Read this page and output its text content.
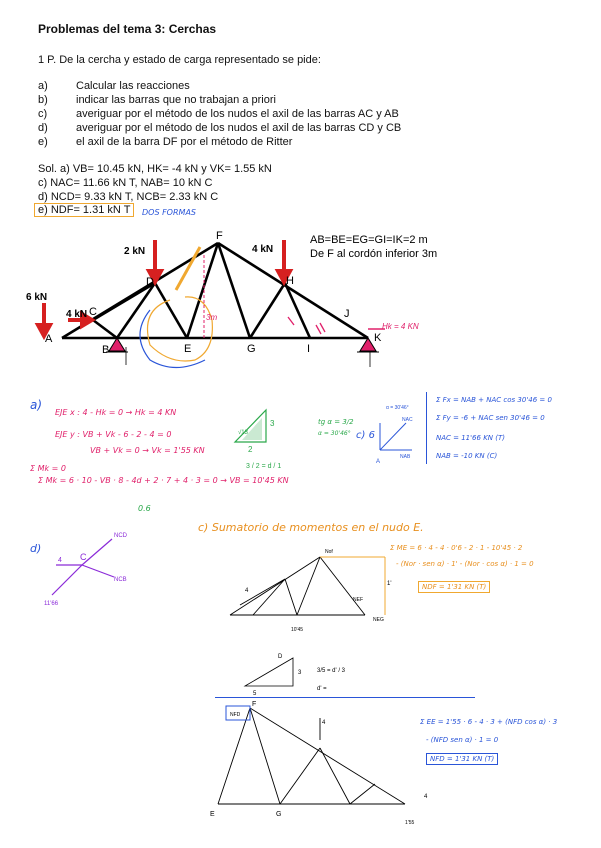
Problemas del tema 3: Cerchas
1 P. De la cercha y estado de carga representado se pide:
a)	Calcular las reacciones
b)	indicar las barras que no trabajan a priori
c)	averiguar por el método de los nudos el axil de las barras AC y AB
d)	averiguar por el método de los nudos el axil de las barras CD y CB
e)	el axil de la barra DF por el método de Ritter
Sol. a) VB= 10.45 kN, HK= -4 kN y VK= 1.55 kN
c) NAC= 11.66 kN T, NAB= 10 kN C
d) NCD= 9.33 kN T, NCB= 2.33 kN C
e) NDF= 1.31 kN T	DOS FORMAS
A
B
C
D
E
F
G
H
I
J
K
2 kN	4 kN
6 kN
4 kN
AB=BE=EG=GI=IK=2 m
De F al cordón inferior 3m
Hk = 4 KN
3m
a)
EJE x : 4 - Hk = 0 → Hk = 4 KN
EJE y : VB + Vk - 6 - 2 - 4 = 0
VB + Vk = 0 → Vk = 1'55 KN
Σ Mk = 0
Σ Mk = 6 · 10 - VB · 8 - 4d + 2 · 7 + 4 · 3 = 0 → VB = 10'45 KN
0.6
3
2
√13
3 / 2 = d / 1
tg α = 3/2
α = 30'46° c) 6
A
NAC
NAB
α = 30'46°
Σ Fx = NAB + NAC cos 30'46 = 0
Σ Fy = -6 + NAC sen 30'46 = 0
NAC = 11'66 KN (T)
NAB = -10 KN (C)
d)
C
NCD
NCB
4
11'66
c) Sumatorio de momentos en el nudo E.
Nof
1'
4
10'45
NEF
NEG
Σ ME = 6 · 4 - 4 · 0'6 - 2 · 1 - 10'45 · 2
- (Nor · sen α) · 1' - (Nor · cos α) · 1 = 0
NDF = 1'31 KN (T)
D
3
5
3/5 = d' / 3
d' =
F
NFD
E	G
4
4
1'55
Σ EE = 1'55 · 6 - 4 · 3 + (NFD cos α) · 3
- (NFD sen α) · 1 = 0
NFD = 1'31 KN (T)
